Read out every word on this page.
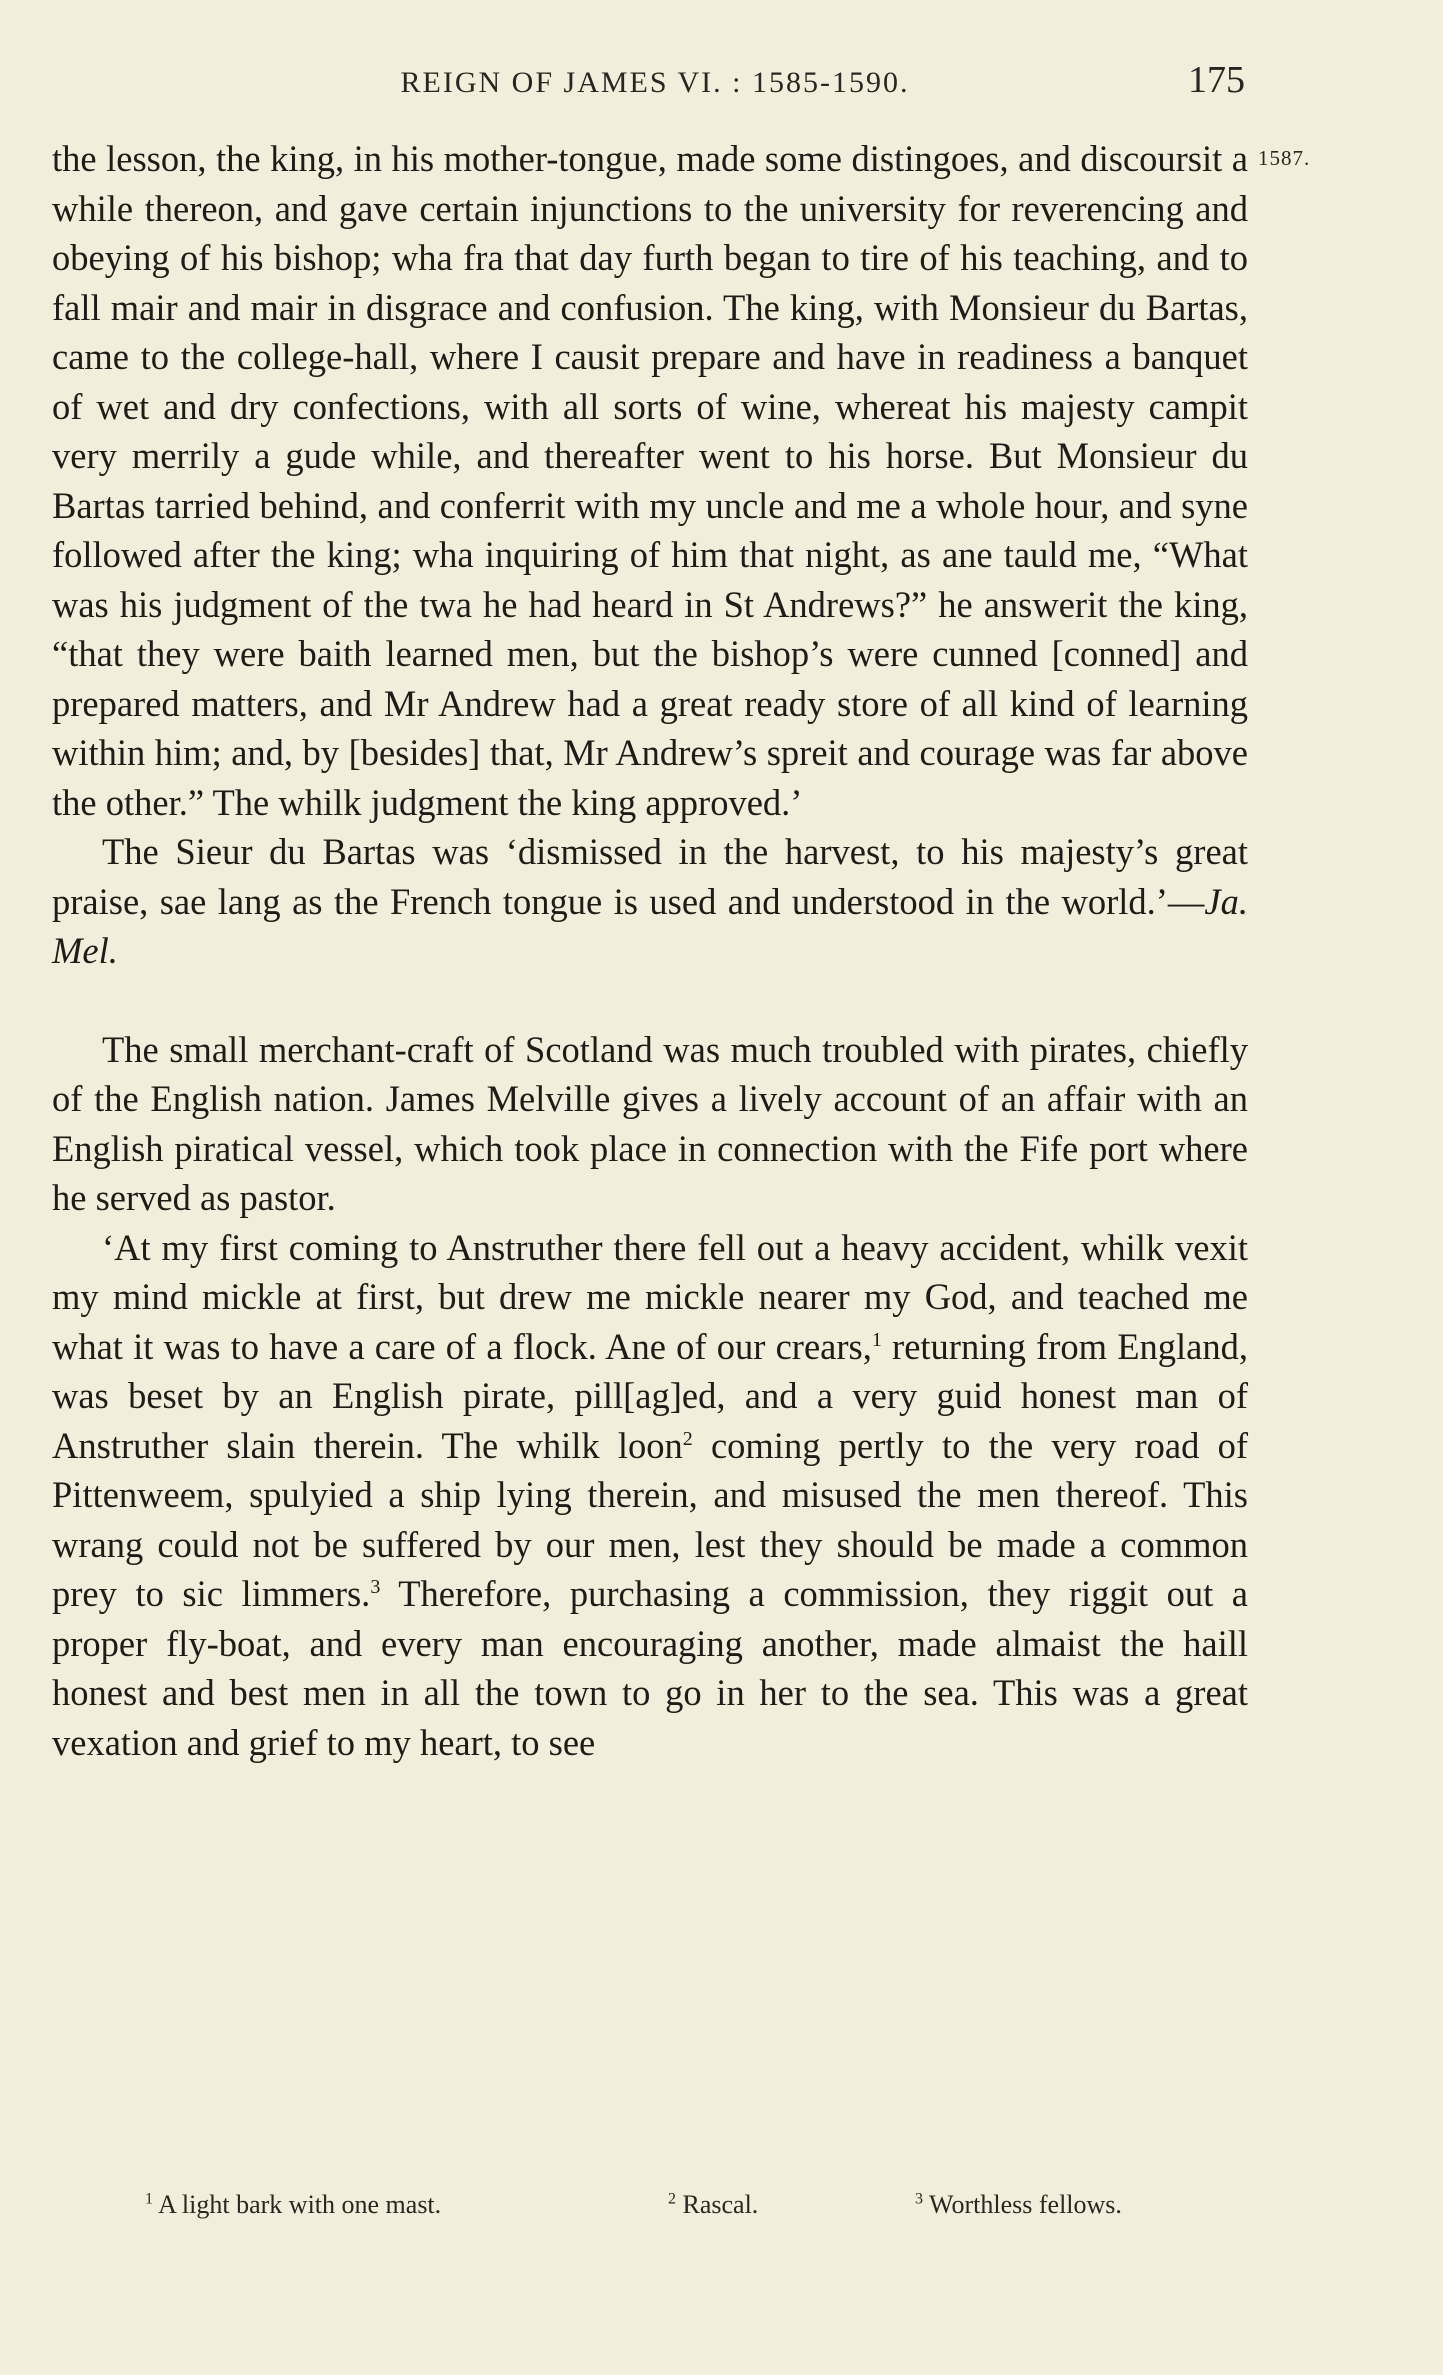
REIGN OF JAMES VI. : 1585-1590.	175
1587.

the lesson, the king, in his mother-tongue, made some distingoes, and discoursit a while thereon, and gave certain injunctions to the university for reverencing and obeying of his bishop; wha fra that day furth began to tire of his teaching, and to fall mair and mair in disgrace and confusion. The king, with Monsieur du Bartas, came to the college-hall, where I causit prepare and have in readiness a banquet of wet and dry confections, with all sorts of wine, whereat his majesty campit very merrily a gude while, and thereafter went to his horse. But Monsieur du Bartas tarried behind, and conferrit with my uncle and me a whole hour, and syne followed after the king; wha inquiring of him that night, as ane tauld me, “What was his judgment of the twa he had heard in St Andrews?” he answerit the king, “that they were baith learned men, but the bishop’s were cunned [conned] and prepared matters, and Mr Andrew had a great ready store of all kind of learning within him; and, by [besides] that, Mr Andrew’s spreit and courage was far above the other.” The whilk judgment the king approved.’

The Sieur du Bartas was ‘dismissed in the harvest, to his majesty’s great praise, sae lang as the French tongue is used and understood in the world.’—Ja. Mel.

The small merchant-craft of Scotland was much troubled with pirates, chiefly of the English nation. James Melville gives a lively account of an affair with an English piratical vessel, which took place in connection with the Fife port where he served as pastor.

‘At my first coming to Anstruther there fell out a heavy accident, whilk vexit my mind mickle at first, but drew me mickle nearer my God, and teached me what it was to have a care of a flock. Ane of our crears,$^1$ returning from England, was beset by an English pirate, pill[ag]ed, and a very guid honest man of Anstruther slain therein. The whilk loon$^2$ coming pertly to the very road of Pittenweem, spulyied a ship lying therein, and misused the men thereof. This wrang could not be suffered by our men, lest they should be made a common prey to sic limmers.$^3$ Therefore, purchasing a commission, they riggit out a proper fly-boat, and every man encouraging another, made almaist the haill honest and best men in all the town to go in her to the sea. This was a great vexation and grief to my heart, to see

$^1$ A light bark with one mast.	$^2$ Rascal.	$^3$ Worthless fellows.
